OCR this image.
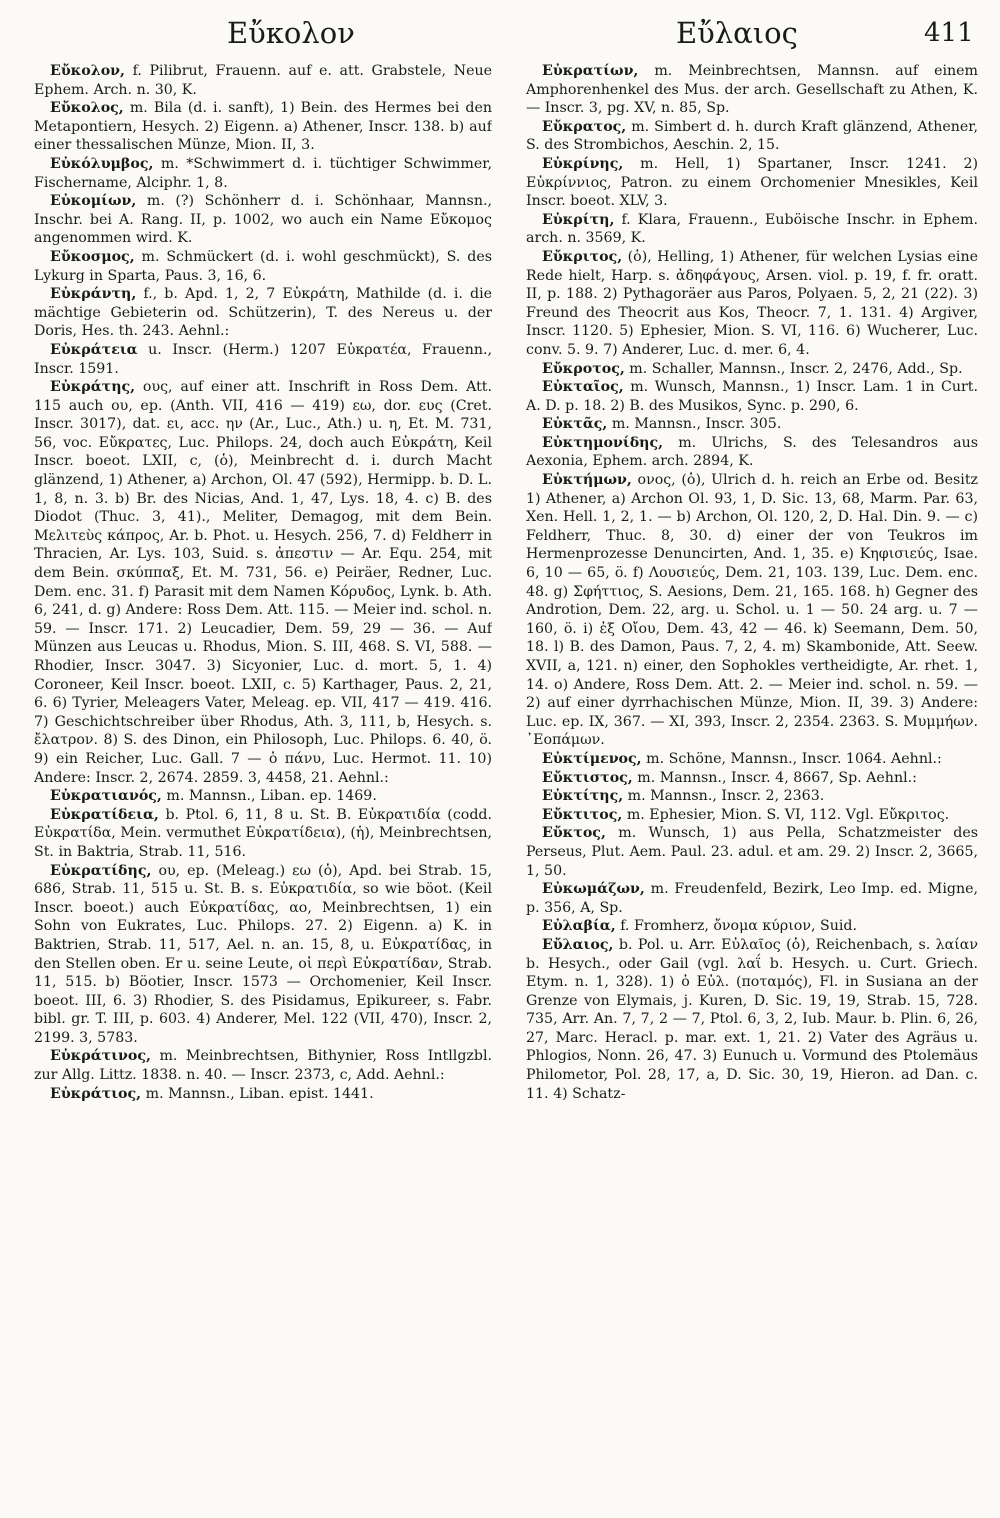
Εὔκολον	Εὔλαιος	411

Εὔκολον, f. Pilibrut, Frauenn. auf e. att. Grabstele, Neue Ephem. Arch. n. 30, K.

Εὔκολος, m. Bila (d. i. sanft), 1) Bein. des Hermes bei den Metapontiern, Hesych. 2) Eigenn. a) Athener, Inscr. 138. b) auf einer thessalischen Münze, Mion. II, 3.

Εὐκόλυμβος, m. *Schwimmert d. i. tüchtiger Schwimmer, Fischername, Alciphr. 1, 8.

Εὐκομίων, m. (?) Schönherr d. i. Schönhaar, Mannsn., Inschr. bei A. Rang. II, p. 1002, wo auch ein Name Εὔκομος angenommen wird. K.

Εὔκοσμος, m. Schmückert (d. i. wohl geschmückt), S. des Lykurg in Sparta, Paus. 3, 16, 6.

Εὐκράντη, f., b. Apd. 1, 2, 7 Εὐκράτη, Mathilde (d. i. die mächtige Gebieterin od. Schützerin), T. des Nereus u. der Doris, Hes. th. 243. Aehnl.:

Εὐκράτεια u. Inscr. (Herm.) 1207 Εὐκρατέα, Frauenn., Inscr. 1591.

Εὐκράτης, ους, auf einer att. Inschrift in Ross Dem. Att. 115 auch ου, ep. (Anth. VII, 416 — 419) εω, dor. ευς (Cret. Inscr. 3017), dat. ει, acc. ην (Ar., Luc., Ath.) u. η, Et. M. 731, 56, voc. Εὔκρατες, Luc. Philops. 24, doch auch Εὐκράτη, Keil Inscr. boeot. LXII, c, (ὁ), Meinbrecht d. i. durch Macht glänzend, 1) Athener, a) Archon, Ol. 47 (592), Hermipp. b. D. L. 1, 8, n. 3. b) Br. des Nicias, And. 1, 47, Lys. 18, 4. c) B. des Diodot (Thuc. 3, 41)., Meliter, Demagog, mit dem Bein. Μελιτεὺς κάπρος, Ar. b. Phot. u. Hesych. 256, 7. d) Feldherr in Thracien, Ar. Lys. 103, Suid. s. ἀπεστιν — Ar. Equ. 254, mit dem Bein. σκύππαξ, Et. M. 731, 56. e) Peiräer, Redner, Luc. Dem. enc. 31. f) Parasit mit dem Namen Κόρυδος, Lynk. b. Ath. 6, 241, d. g) Andere: Ross Dem. Att. 115. — Meier ind. schol. n. 59. — Inscr. 171. 2) Leucadier, Dem. 59, 29 — 36. — Auf Münzen aus Leucas u. Rhodus, Mion. S. III, 468. S. VI, 588. — Rhodier, Inscr. 3047. 3) Sicyonier, Luc. d. mort. 5, 1. 4) Coroneer, Keil Inscr. boeot. LXII, c. 5) Karthager, Paus. 2, 21, 6. 6) Tyrier, Meleagers Vater, Meleag. ep. VII, 417 — 419. 416. 7) Geschichtschreiber über Rhodus, Ath. 3, 111, b, Hesych. s. ἔλατρον. 8) S. des Dinon, ein Philosoph, Luc. Philops. 6. 40, ö. 9) ein Reicher, Luc. Gall. 7 — ὁ πάνυ, Luc. Hermot. 11. 10) Andere: Inscr. 2, 2674. 2859. 3, 4458, 21. Aehnl.:

Εὐκρατιανός, m. Mannsn., Liban. ep. 1469.

Εὐκρατίδεια, b. Ptol. 6, 11, 8 u. St. B. Εὐκρατιδία (codd. Εὐκρατίδα, Mein. vermuthet Εὐκρατίδεια), (ἡ), Meinbrechtsen, St. in Baktria, Strab. 11, 516.

Εὐκρατίδης, ου, ep. (Meleag.) εω (ὁ), Apd. bei Strab. 15, 686, Strab. 11, 515 u. St. B. s. Εὐκρατιδία, so wie böot. (Keil Inscr. boeot.) auch Εὐκρατίδας, αο, Meinbrechtsen, 1) ein Sohn von Eukrates, Luc. Philops. 27. 2) Eigenn. a) K. in Baktrien, Strab. 11, 517, Ael. n. an. 15, 8, u. Εὐκρατίδας, in den Stellen oben. Er u. seine Leute, οἱ περὶ Εὐκρατίδαν, Strab. 11, 515. b) Böotier, Inscr. 1573 — Orchomenier, Keil Inscr. boeot. III, 6. 3) Rhodier, S. des Pisidamus, Epikureer, s. Fabr. bibl. gr. T. III, p. 603. 4) Anderer, Mel. 122 (VII, 470), Inscr. 2, 2199. 3, 5783.

Εὐκράτινος, m. Meinbrechtsen, Bithynier, Ross Intllgzbl. zur Allg. Littz. 1838. n. 40. — Inscr. 2373, c, Add. Aehnl.:

Εὐκράτιος, m. Mannsn., Liban. epist. 1441.

Εὐκρατίων, m. Meinbrechtsen, Mannsn. auf einem Amphorenhenkel des Mus. der arch. Gesellschaft zu Athen, K. — Inscr. 3, pg. XV, n. 85, Sp.

Εὔκρατος, m. Simbert d. h. durch Kraft glänzend, Athener, S. des Strombichos, Aeschin. 2, 15.

Εὐκρίνης, m. Hell, 1) Spartaner, Inscr. 1241. 2) Εὐκρίννιος, Patron. zu einem Orchomenier Mnesikles, Keil Inscr. boeot. XLV, 3.

Εὐκρίτη, f. Klara, Frauenn., Euböische Inschr. in Ephem. arch. n. 3569, K.

Εὔκριτος, (ὁ), Helling, 1) Athener, für welchen Lysias eine Rede hielt, Harp. s. ἀδηφάγους, Arsen. viol. p. 19, f. fr. oratt. II, p. 188. 2) Pythagoräer aus Paros, Polyaen. 5, 2, 21 (22). 3) Freund des Theocrit aus Kos, Theocr. 7, 1. 131. 4) Argiver, Inscr. 1120. 5) Ephesier, Mion. S. VI, 116. 6) Wucherer, Luc. conv. 5. 9. 7) Anderer, Luc. d. mer. 6, 4.

Εὔκροτος, m. Schaller, Mannsn., Inscr. 2, 2476, Add., Sp.

Εὐκταῖος, m. Wunsch, Mannsn., 1) Inscr. Lam. 1 in Curt. A. D. p. 18. 2) B. des Musikos, Sync. p. 290, 6.

Εὐκτᾶς, m. Mannsn., Inscr. 305.

Εὐκτημονίδης, m. Ulrichs, S. des Telesandros aus Aexonia, Ephem. arch. 2894, K.

Εὐκτήμων, ονος, (ὁ), Ulrich d. h. reich an Erbe od. Besitz 1) Athener, a) Archon Ol. 93, 1, D. Sic. 13, 68, Marm. Par. 63, Xen. Hell. 1, 2, 1. — b) Archon, Ol. 120, 2, D. Hal. Din. 9. — c) Feldherr, Thuc. 8, 30. d) einer der von Teukros im Hermenprozesse Denuncirten, And. 1, 35. e) Κηφισιεύς, Isae. 6, 10 — 65, ö. f) Λουσιεύς, Dem. 21, 103. 139, Luc. Dem. enc. 48. g) Σφήττιος, S. Aesions, Dem. 21, 165. 168. h) Gegner des Androtion, Dem. 22, arg. u. Schol. u. 1 — 50. 24 arg. u. 7 — 160, ö. i) ἐξ Οἴου, Dem. 43, 42 — 46. k) Seemann, Dem. 50, 18. l) B. des Damon, Paus. 7, 2, 4. m) Skambonide, Att. Seew. XVII, a, 121. n) einer, den Sophokles vertheidigte, Ar. rhet. 1, 14. o) Andere, Ross Dem. Att. 2. — Meier ind. schol. n. 59. — 2) auf einer dyrrhachischen Münze, Mion. II, 39. 3) Andere: Luc. ep. IX, 367. — XI, 393, Inscr. 2, 2354. 2363. S. Μυμμήων. ᾿Εοπάμων.

Εὐκτίμενος, m. Schöne, Mannsn., Inscr. 1064. Aehnl.:

Εὔκτιστος, m. Mannsn., Inscr. 4, 8667, Sp. Aehnl.:

Εὐκτίτης, m. Mannsn., Inscr. 2, 2363.

Εὔκτιτος, m. Ephesier, Mion. S. VI, 112. Vgl. Εὔκριτος.

Εὔκτος, m. Wunsch, 1) aus Pella, Schatzmeister des Perseus, Plut. Aem. Paul. 23. adul. et am. 29. 2) Inscr. 2, 3665, 1, 50.

Εὐκωμάζων, m. Freudenfeld, Bezirk, Leo Imp. ed. Migne, p. 356, A, Sp.

Εὐλαβία, f. Fromherz, ὄνομα κύριον, Suid.

Εὔλαιος, b. Pol. u. Arr. Εὐλαῖος (ὁ), Reichenbach, s. λαίαν b. Hesych., oder Gail (vgl. λαΐ b. Hesych. u. Curt. Griech. Etym. n. 1, 328). 1) ὁ Εὐλ. (ποταμός), Fl. in Susiana an der Grenze von Elymais, j. Kuren, D. Sic. 19, 19, Strab. 15, 728. 735, Arr. An. 7, 7, 2 — 7, Ptol. 6, 3, 2, Iub. Maur. b. Plin. 6, 26, 27, Marc. Heracl. p. mar. ext. 1, 21. 2) Vater des Agräus u. Phlogios, Nonn. 26, 47. 3) Eunuch u. Vormund des Ptolemäus Philometor, Pol. 28, 17, a, D. Sic. 30, 19, Hieron. ad Dan. c. 11. 4) Schatz-
